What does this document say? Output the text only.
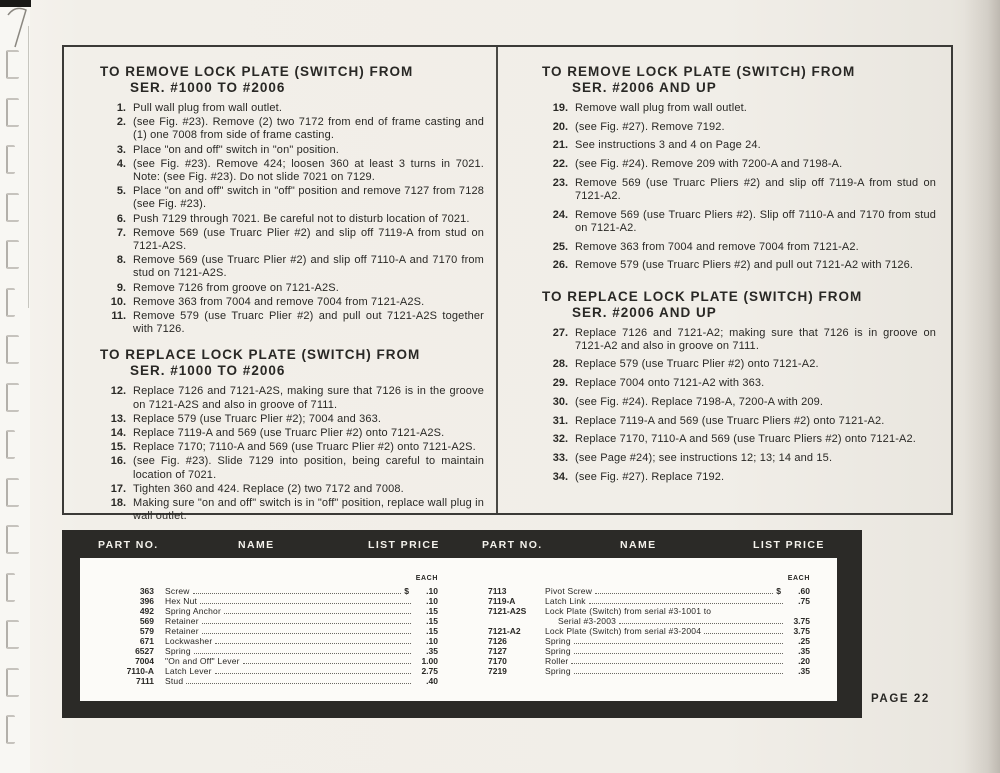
TO REMOVE LOCK PLATE (SWITCH) FROM
SER. #1000 TO #2006
1. Pull wall plug from wall outlet.
2. (see Fig. #23). Remove (2) two 7172 from end of frame casting and (1) one 7008 from side of frame casting.
3. Place "on and off" switch in "on" position.
4. (see Fig. #23). Remove 424; loosen 360 at least 3 turns in 7021. Note: (see Fig. #23). Do not slide 7021 on 7129.
5. Place "on and off" switch in "off" position and remove 7127 from 7128 (see Fig. #23).
6. Push 7129 through 7021. Be careful not to disturb location of 7021.
7. Remove 569 (use Truarc Plier #2) and slip off 7119-A from stud on 7121-A2S.
8. Remove 569 (use Truarc Plier #2) and slip off 7110-A and 7170 from stud on 7121-A2S.
9. Remove 7126 from groove on 7121-A2S.
10. Remove 363 from 7004 and remove 7004 from 7121-A2S.
11. Remove 579 (use Truarc Plier #2) and pull out 7121-A2S together with 7126.
TO REPLACE LOCK PLATE (SWITCH) FROM
SER. #1000 TO #2006
12. Replace 7126 and 7121-A2S, making sure that 7126 is in the groove on 7121-A2S and also in groove of 7111.
13. Replace 579 (use Truarc Plier #2); 7004 and 363.
14. Replace 7119-A and 569 (use Truarc Plier #2) onto 7121-A2S.
15. Replace 7170; 7110-A and 569 (use Truarc Plier #2) onto 7121-A2S.
16. (see Fig. #23). Slide 7129 into position, being careful to maintain location of 7021.
17. Tighten 360 and 424. Replace (2) two 7172 and 7008.
18. Making sure "on and off" switch is in "off" position, replace wall plug in wall outlet.
TO REMOVE LOCK PLATE (SWITCH) FROM
SER. #2006 AND UP
19. Remove wall plug from wall outlet.
20. (see Fig. #27). Remove 7192.
21. See instructions 3 and 4 on Page 24.
22. (see Fig. #24). Remove 209 with 7200-A and 7198-A.
23. Remove 569 (use Truarc Pliers #2) and slip off 7119-A from stud on 7121-A2.
24. Remove 569 (use Truarc Pliers #2). Slip off 7110-A and 7170 from stud on 7121-A2.
25. Remove 363 from 7004 and remove 7004 from 7121-A2.
26. Remove 579 (use Truarc Pliers #2) and pull out 7121-A2 with 7126.
TO REPLACE LOCK PLATE (SWITCH) FROM
SER. #2006 AND UP
27. Replace 7126 and 7121-A2; making sure that 7126 is in groove on 7121-A2 and also in groove on 7111.
28. Replace 579 (use Truarc Plier #2) onto 7121-A2.
29. Replace 7004 onto 7121-A2 with 363.
30. (see Fig. #24). Replace 7198-A, 7200-A with 209.
31. Replace 7119-A and 569 (use Truarc Pliers #2) onto 7121-A2.
32. Replace 7170, 7110-A and 569 (use Truarc Pliers #2) onto 7121-A2.
33. (see Page #24); see instructions 12; 13; 14 and 15.
34. (see Fig. #27). Replace 7192.
PART NO.	NAME	LIST PRICE	PART NO.	NAME	LIST PRICE
EACH
363	Screw	$	.10
396	Hex Nut	.10
492	Spring Anchor	.15
569	Retainer	.15
579	Retainer	.15
671	Lockwasher	.10
6527	Spring	.35
7004	"On and Off" Lever	1.00
7110-A	Latch Lever	2.75
7111	Stud	.40
EACH
7113	Pivot Screw	$	.60
7119-A	Latch Link	.75
7121-A2S	Lock Plate (Switch) from serial #3-1001 to
Serial #3-2003	3.75
7121-A2	Lock Plate (Switch) from serial #3-2004	3.75
7126	Spring	.25
7127	Spring	.35
7170	Roller	.20
7219	Spring	.35
PAGE 22
